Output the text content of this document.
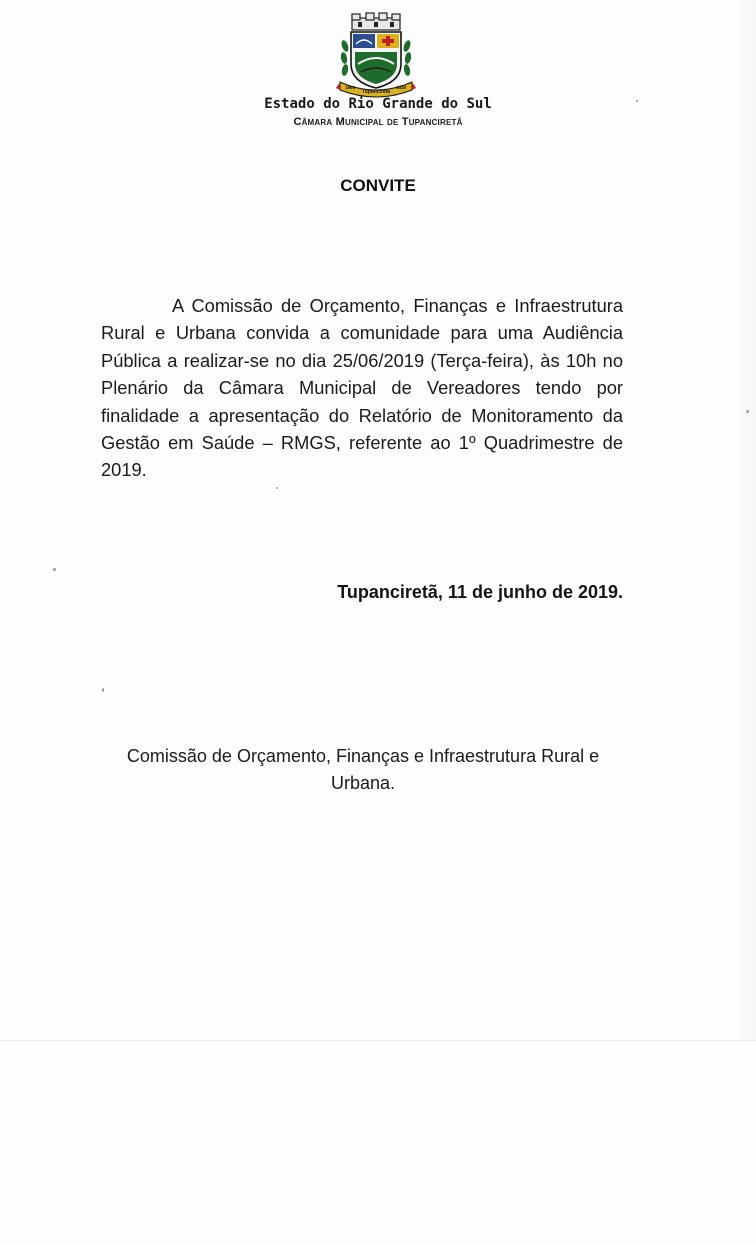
1894
Tupanciretã
1928
Estado do Rio Grande do Sul
Câmara Municipal de Tupanciretã
CONVITE
A Comissão de Orçamento, Finanças e Infraestrutura Rural e Urbana convida a comunidade para uma Audiência Pública a realizar-se no dia 25/06/2019 (Terça-feira), às 10h no Plenário da Câmara Municipal de Vereadores tendo por finalidade a apresentação do Relatório de Monitoramento da Gestão em Saúde – RMGS, referente ao 1º Quadrimestre de 2019.
Tupanciretã, 11 de junho de 2019.
Comissão de Orçamento, Finanças e Infraestrutura Rural e Urbana.
